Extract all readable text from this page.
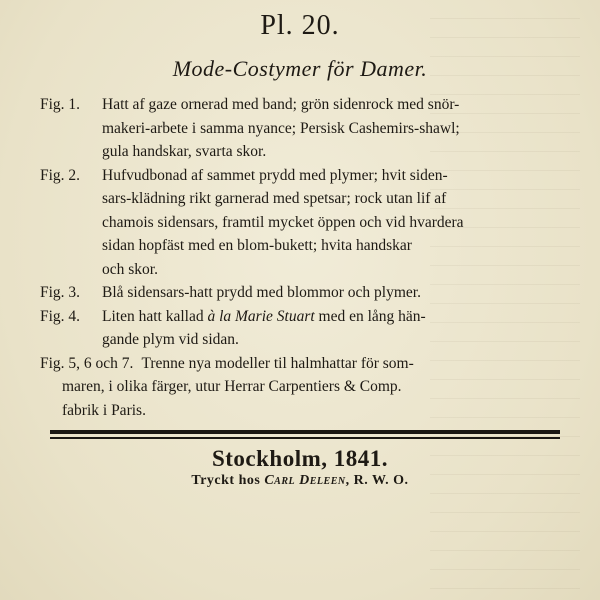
Pl. 20.
Mode-Costymer för Damer.
Fig. 1.	Hatt af gaze ornerad med band; grön sidenrock med snör-
makeri-arbete i samma nyance; Persisk Cashemirs-shawl;
gula handskar, svarta skor.
Fig. 2.	Hufvudbonad af sammet prydd med plymer; hvit siden-
sars-klädning rikt garnerad med spetsar; rock utan lif af
chamois sidensars, framtil mycket öppen och vid hvardera
sidan hopfäst med en blom-bukett; hvita handskar
och skor.
Fig. 3.	Blå sidensars-hatt prydd med blommor och plymer.
Fig. 4.	Liten hatt kallad à la Marie Stuart med en lång hän-
gande plym vid sidan.
Fig. 5, 6 och 7. Trenne nya modeller til halmhattar för som-
maren, i olika färger, utur Herrar Carpentiers & Comp.
fabrik i Paris.
Stockholm, 1841.
Tryckt hos Carl Deleen, R. W. O.
